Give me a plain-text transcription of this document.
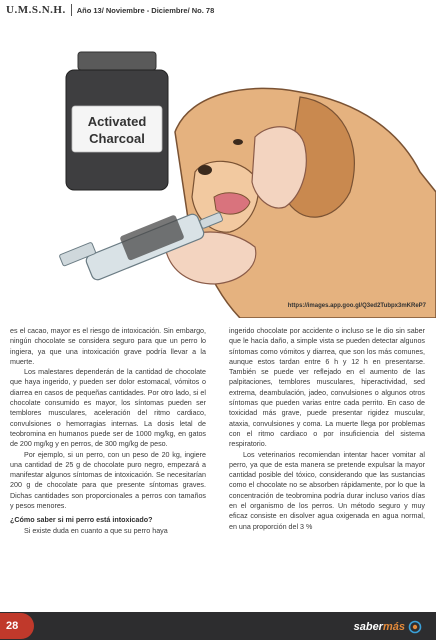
U.M.S.N.H. Año 13/ Noviembre - Diciembre/ No. 78
Activated
Charcoal
https://images.app.goo.gl/Q3ed2Tubpx3mKReP7

es el cacao, mayor es el riesgo de intoxicación. Sin embargo, ningún chocolate se considera seguro para que un perro lo ingiera, ya que una intoxicación grave podría llevar a la muerte.

Los malestares dependerán de la cantidad de chocolate que haya ingerido, y pueden ser dolor estomacal, vómitos o diarrea en casos de pequeñas cantidades. Por otro lado, si el chocolate consumido es mayor, los síntomas pueden ser temblores musculares, aceleración del ritmo cardiaco, convulsiones o hemorragias internas. La dosis letal de teobromina en humanos puede ser de 1000 mg/kg, en gatos de 200 mg/kg y en perros, de 300 mg/kg de peso.

Por ejemplo, si un perro, con un peso de 20 kg, ingiere una cantidad de 25 g de chocolate puro negro, empezará a manifestar algunos síntomas de intoxicación. Se necesitarían 200 g de chocolate para que presente síntomas graves. Dichas cantidades son proporcionales a perros con tamaños y pesos menores.

¿Cómo saber si mi perro está intoxicado?

Si existe duda en cuanto a que su perro haya

ingerido chocolate por accidente o incluso se le dio sin saber que le hacía daño, a simple vista se pueden detectar algunos síntomas como vómitos y diarrea, que son los más comunes, aunque estos tardan entre 6 h y 12 h en presentarse. También se puede ver reflejado en el aumento de las palpitaciones, temblores musculares, hiperactividad, sed extrema, deambulación, jadeo, convulsiones o algunos otros síntomas que pueden varias entre cada perrito. En caso de toxicidad más grave, puede presentar rigidez muscular, ataxia, convulsiones y coma. La muerte llega por problemas con el ritmo cardiaco o por insuficiencia del sistema respiratorio.

Los veterinarios recomiendan intentar hacer vomitar al perro, ya que de esta manera se pretende expulsar la mayor cantidad posible del tóxico, considerando que las sustancias como el chocolate no se absorben rápidamente, por lo que la concentración de teobromina podría durar incluso varios días en el organismo de los perros. Un método seguro y muy eficaz consiste en disolver agua oxigenada en agua normal, en una proporción del 3 %

28	saber más
